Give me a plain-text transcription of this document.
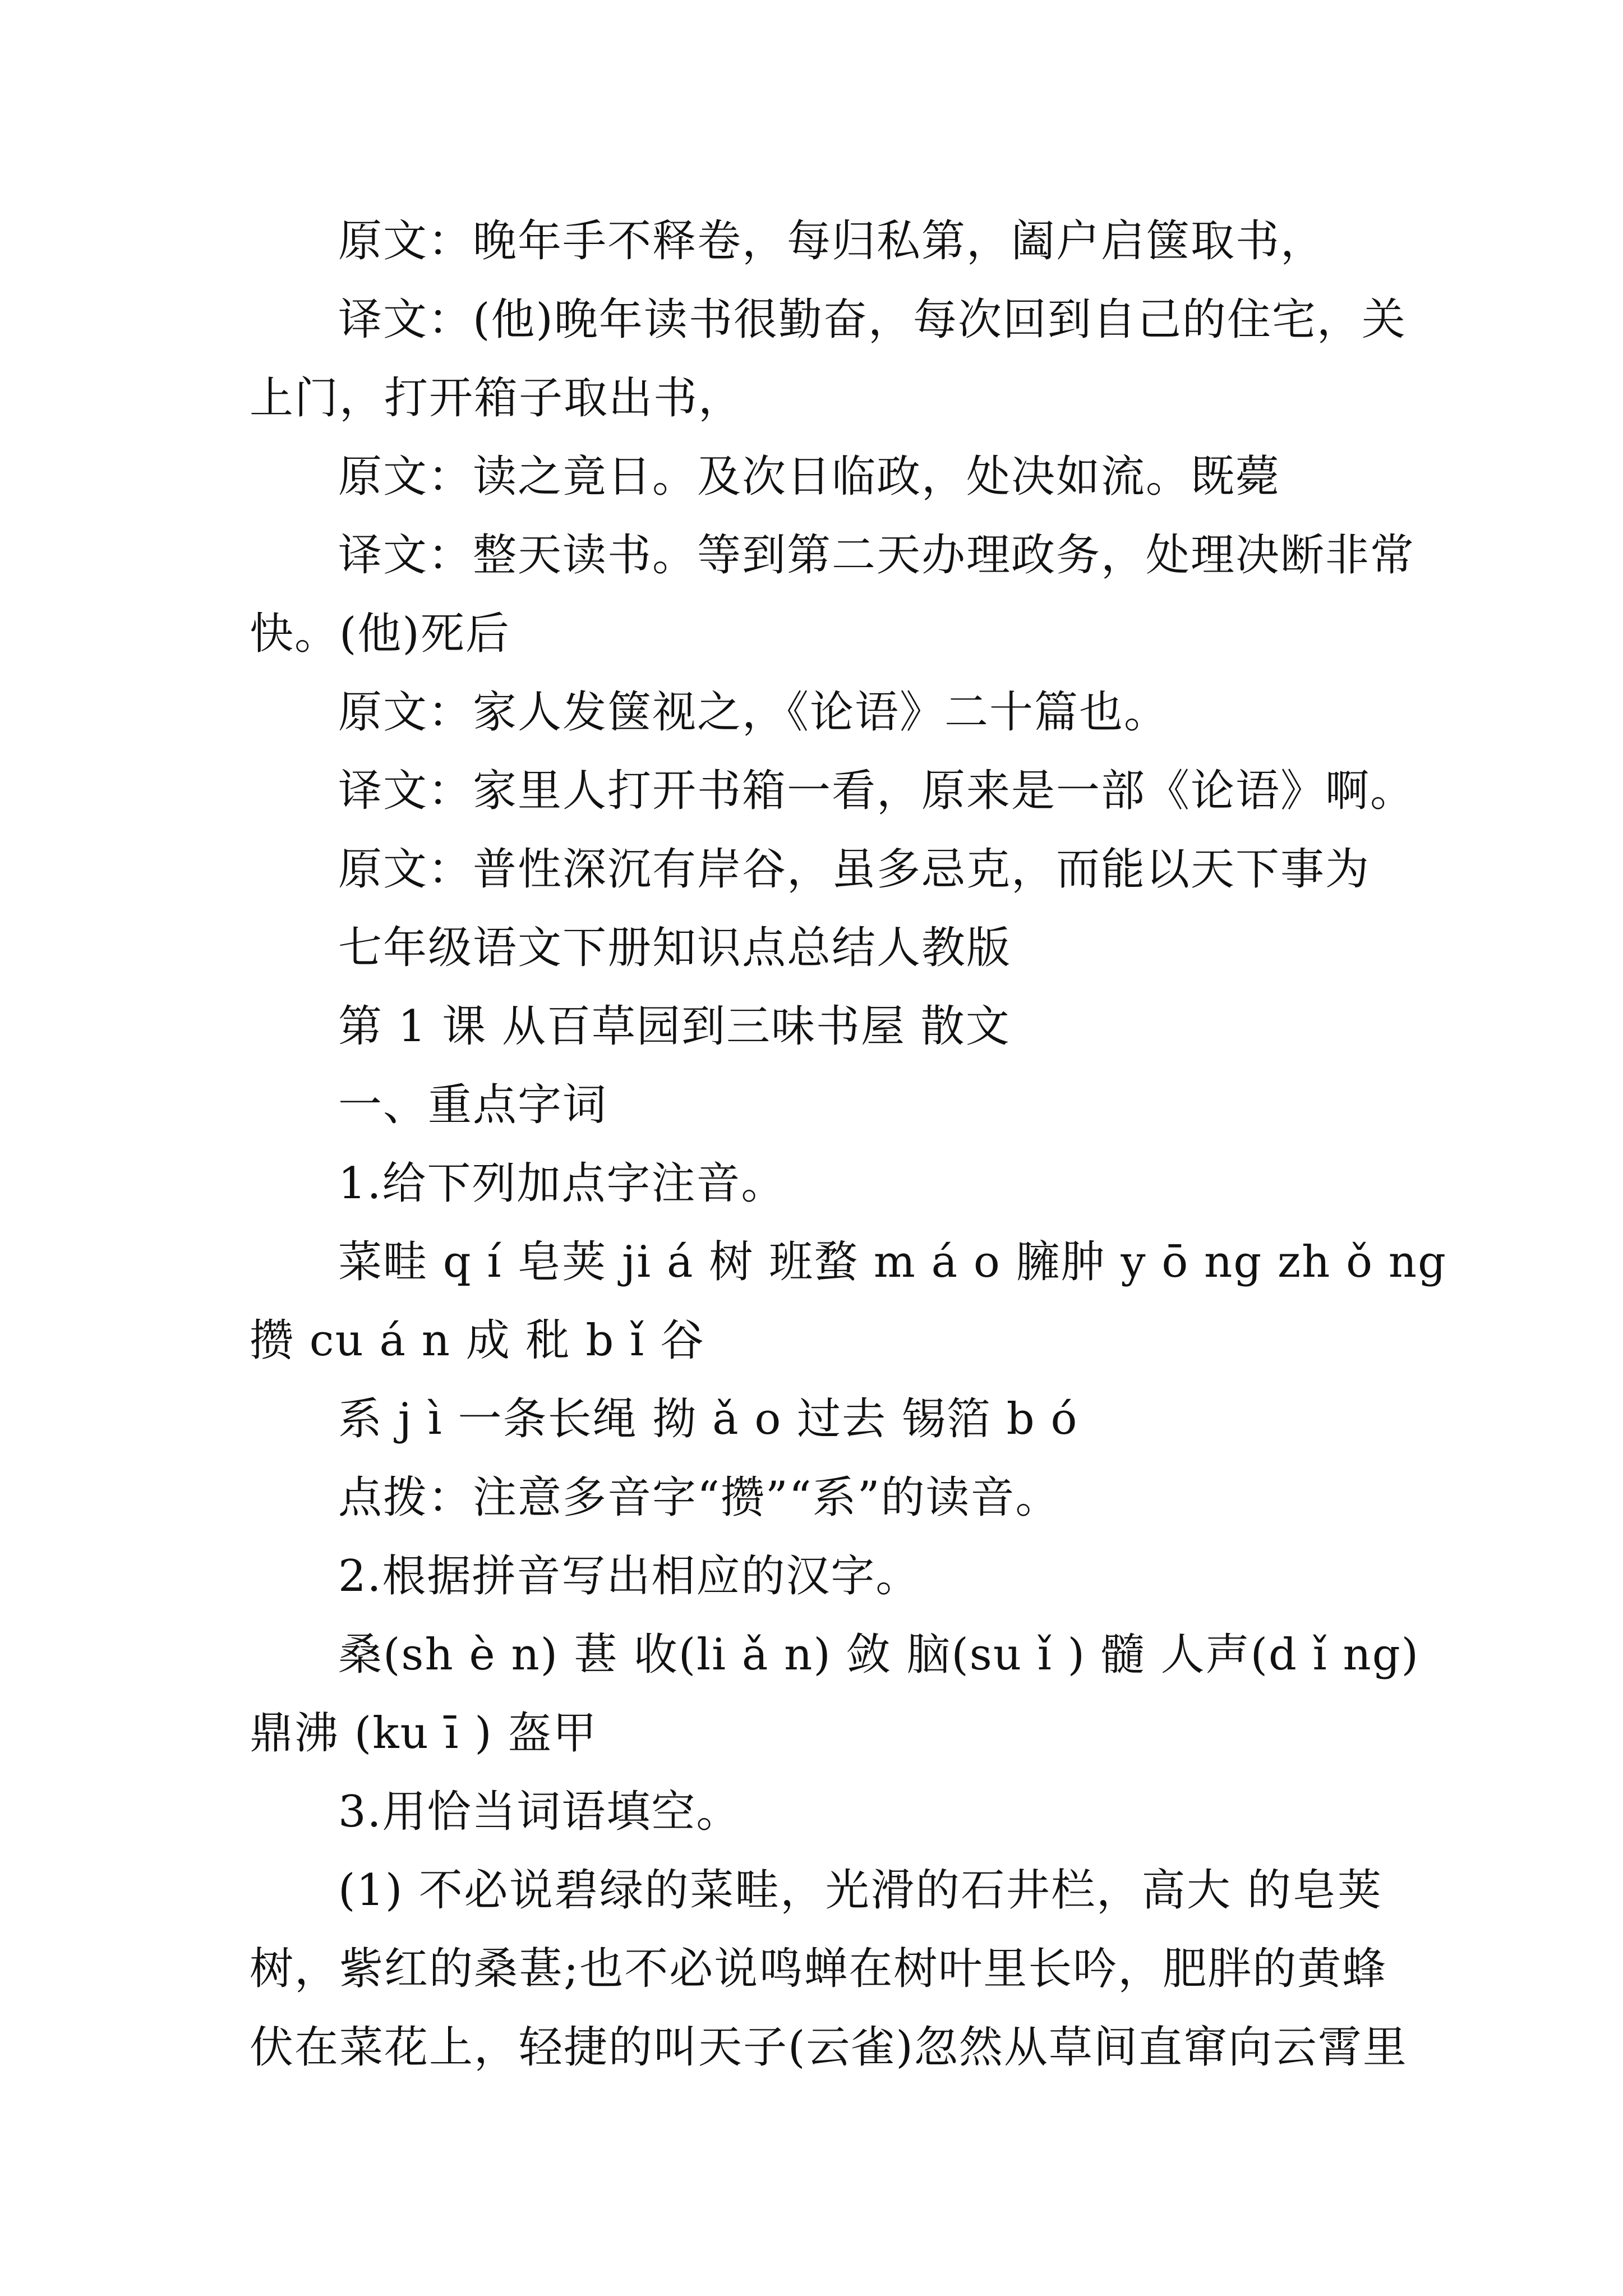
原文：晚年手不释卷，每归私第，阖户启箧取书，
译文：(他)晚年读书很勤奋，每次回到自己的住宅，关
上门，打开箱子取出书，
原文：读之竟日。及次日临政，处决如流。既薨
译文：整天读书。等到第二天办理政务，处理决断非常
快。(他)死后
原文：家人发箧视之，《论语》二十篇也。
译文：家里人打开书箱一看，原来是一部《论语》啊。
原文：普性深沉有岸谷，虽多忌克，而能以天下事为
七年级语文下册知识点总结人教版
第 1 课 从百草园到三味书屋 散文
一、重点字词
1.给下列加点字注音。
菜畦 q í 皂荚 ji á 树 班蝥 m á o 臃肿 y ō ng zh ǒ ng
攒 cu á n 成 秕 b ǐ 谷
系 j ì 一条长绳 拗 ǎ o 过去 锡箔 b ó
点拨：注意多音字“攒”“系”的读音。
2.根据拼音写出相应的汉字。
桑(sh è n) 葚 收(li ǎ n) 敛 脑(su ǐ ) 髓 人声(d ǐ ng)
鼎沸 (ku ī ) 盔甲
3.用恰当词语填空。
(1) 不必说碧绿的菜畦，光滑的石井栏，高大 的皂荚
树，紫红的桑葚;也不必说鸣蝉在树叶里长吟，肥胖的黄蜂
伏在菜花上，轻捷的叫天子(云雀)忽然从草间直窜向云霄里
